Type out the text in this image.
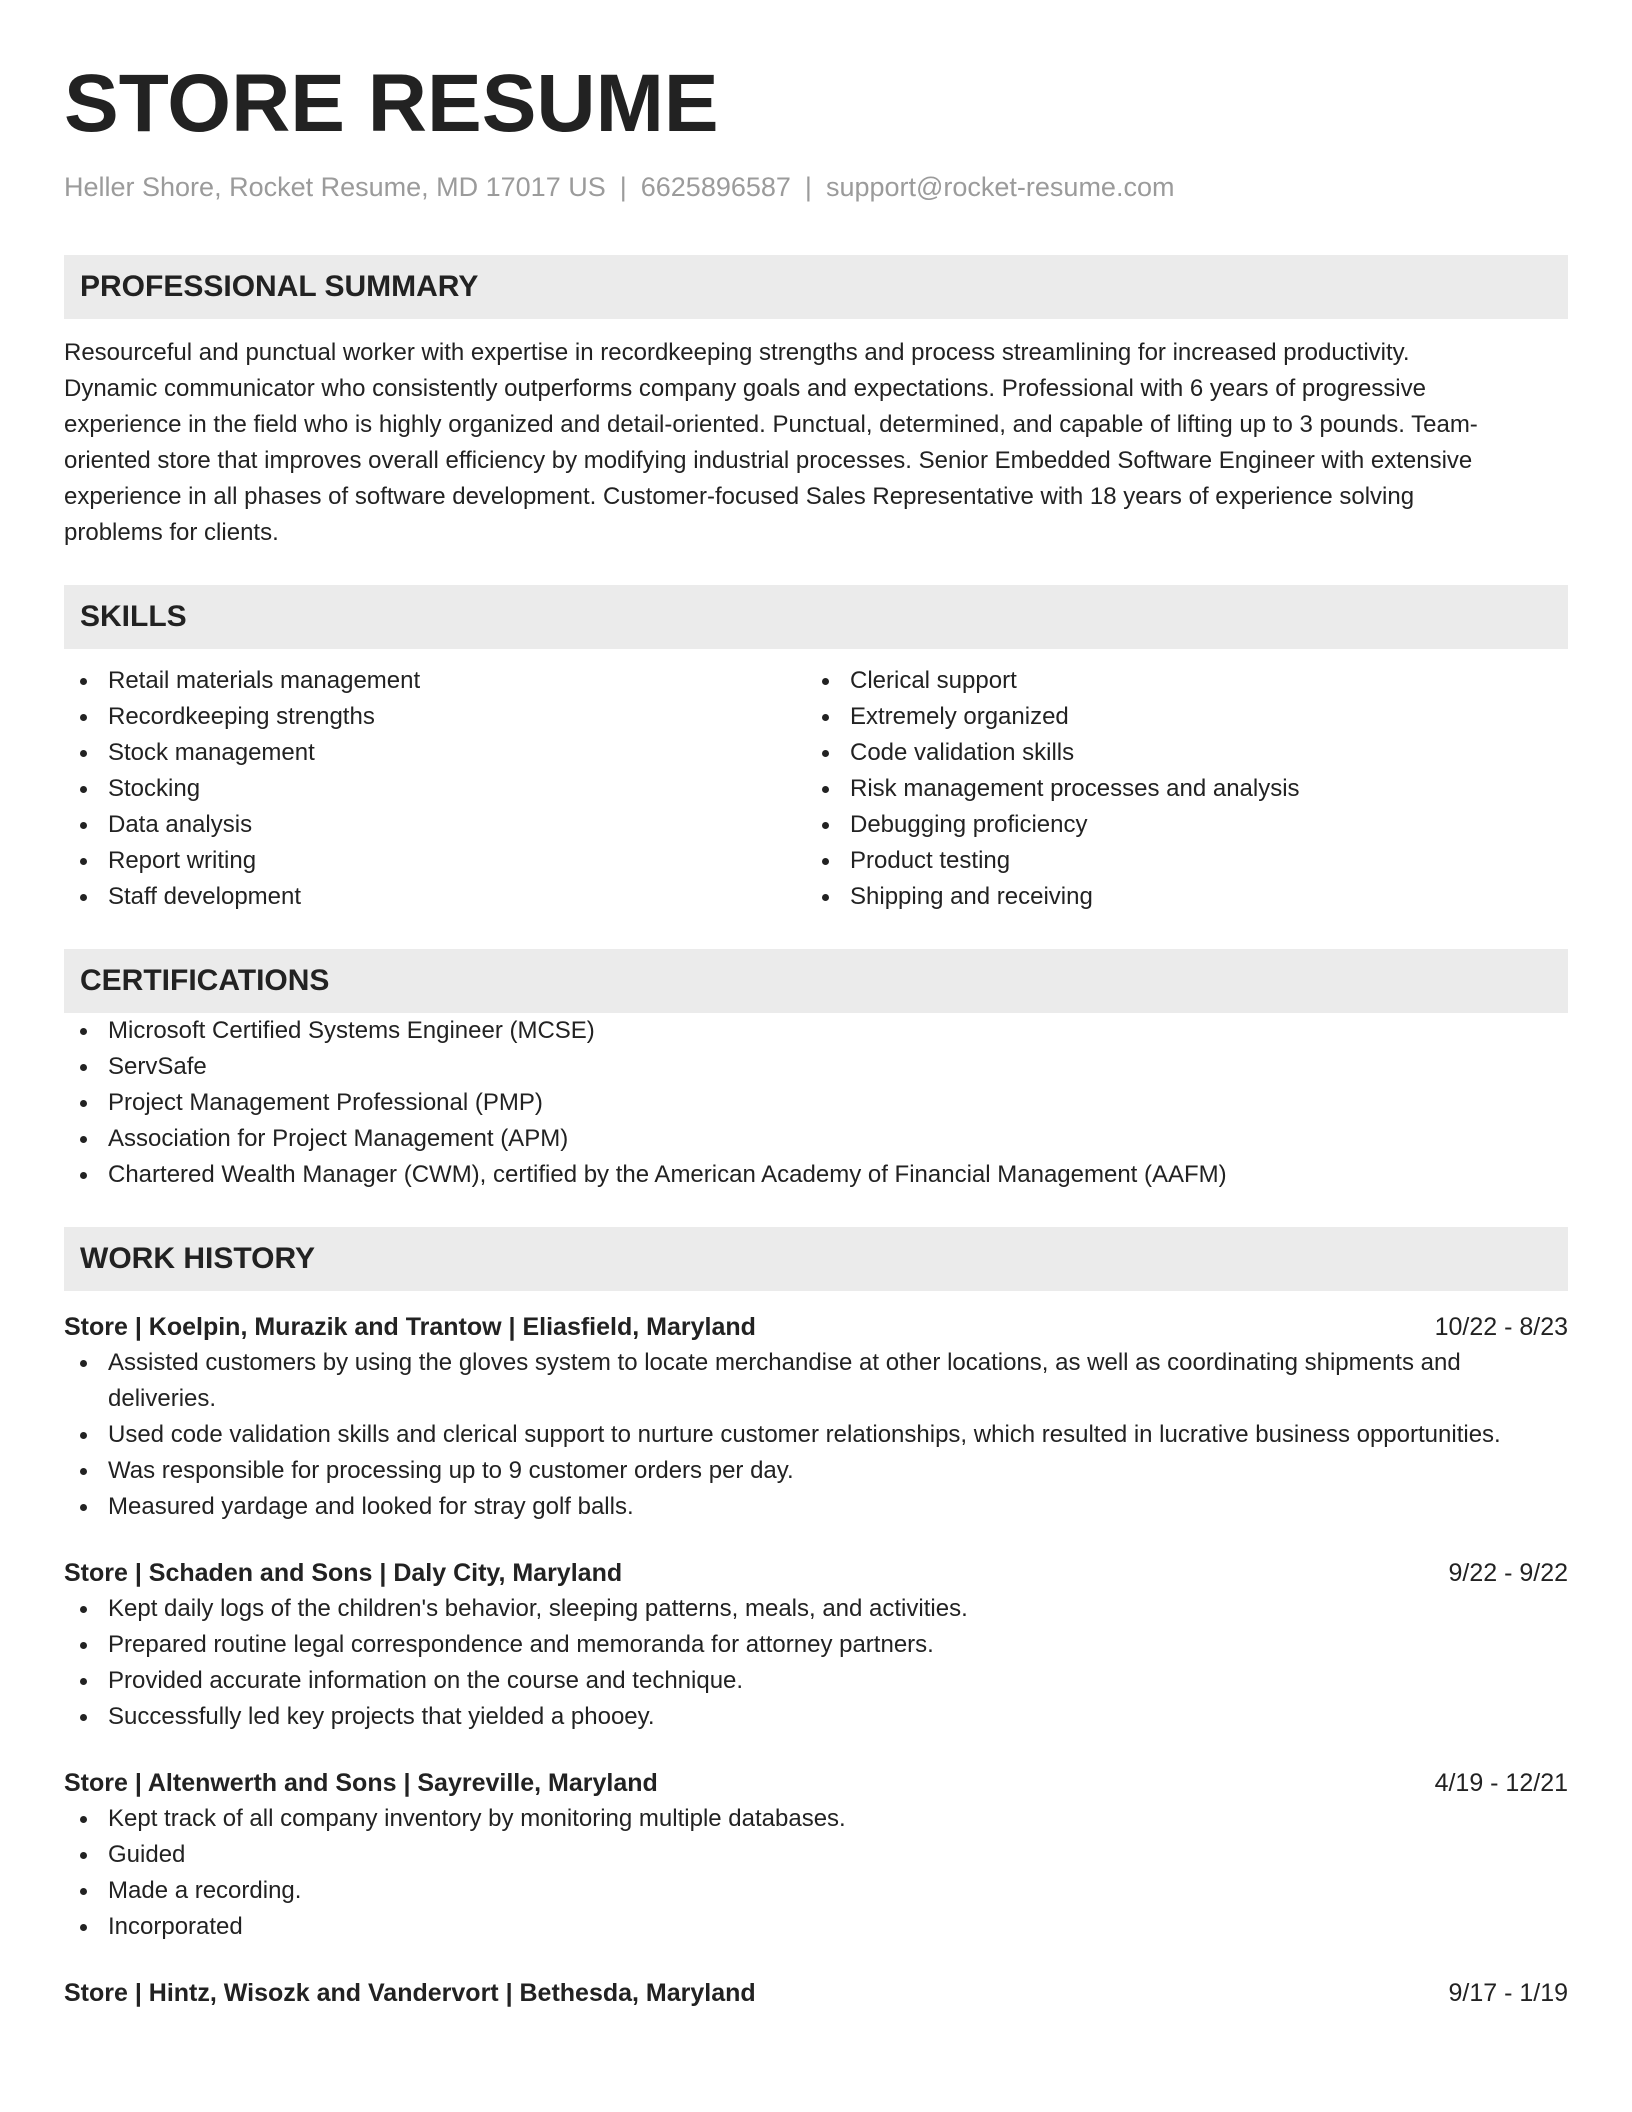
STORE RESUME
Heller Shore, Rocket Resume, MD 17017 US | 6625896587 | support@rocket-resume.com
PROFESSIONAL SUMMARY
Resourceful and punctual worker with expertise in recordkeeping strengths and process streamlining for increased productivity.
Dynamic communicator who consistently outperforms company goals and expectations. Professional with 6 years of progressive
experience in the field who is highly organized and detail-oriented. Punctual, determined, and capable of lifting up to 3 pounds. Team-
oriented store that improves overall efficiency by modifying industrial processes. Senior Embedded Software Engineer with extensive
experience in all phases of software development. Customer-focused Sales Representative with 18 years of experience solving
problems for clients.
SKILLS
Retail materials management
Recordkeeping strengths
Stock management
Stocking
Data analysis
Report writing
Staff development
Clerical support
Extremely organized
Code validation skills
Risk management processes and analysis
Debugging proficiency
Product testing
Shipping and receiving
CERTIFICATIONS
Microsoft Certified Systems Engineer (MCSE)
ServSafe
Project Management Professional (PMP)
Association for Project Management (APM)
Chartered Wealth Manager (CWM), certified by the American Academy of Financial Management (AAFM)
WORK HISTORY
Store | Koelpin, Murazik and Trantow | Eliasfield, Maryland	10/22 - 8/23
Assisted customers by using the gloves system to locate merchandise at other locations, as well as coordinating shipments and deliveries.
Used code validation skills and clerical support to nurture customer relationships, which resulted in lucrative business opportunities.
Was responsible for processing up to 9 customer orders per day.
Measured yardage and looked for stray golf balls.
Store | Schaden and Sons | Daly City, Maryland	9/22 - 9/22
Kept daily logs of the children's behavior, sleeping patterns, meals, and activities.
Prepared routine legal correspondence and memoranda for attorney partners.
Provided accurate information on the course and technique.
Successfully led key projects that yielded a phooey.
Store | Altenwerth and Sons | Sayreville, Maryland	4/19 - 12/21
Kept track of all company inventory by monitoring multiple databases.
Guided
Made a recording.
Incorporated
Store | Hintz, Wisozk and Vandervort | Bethesda, Maryland	9/17 - 1/19
